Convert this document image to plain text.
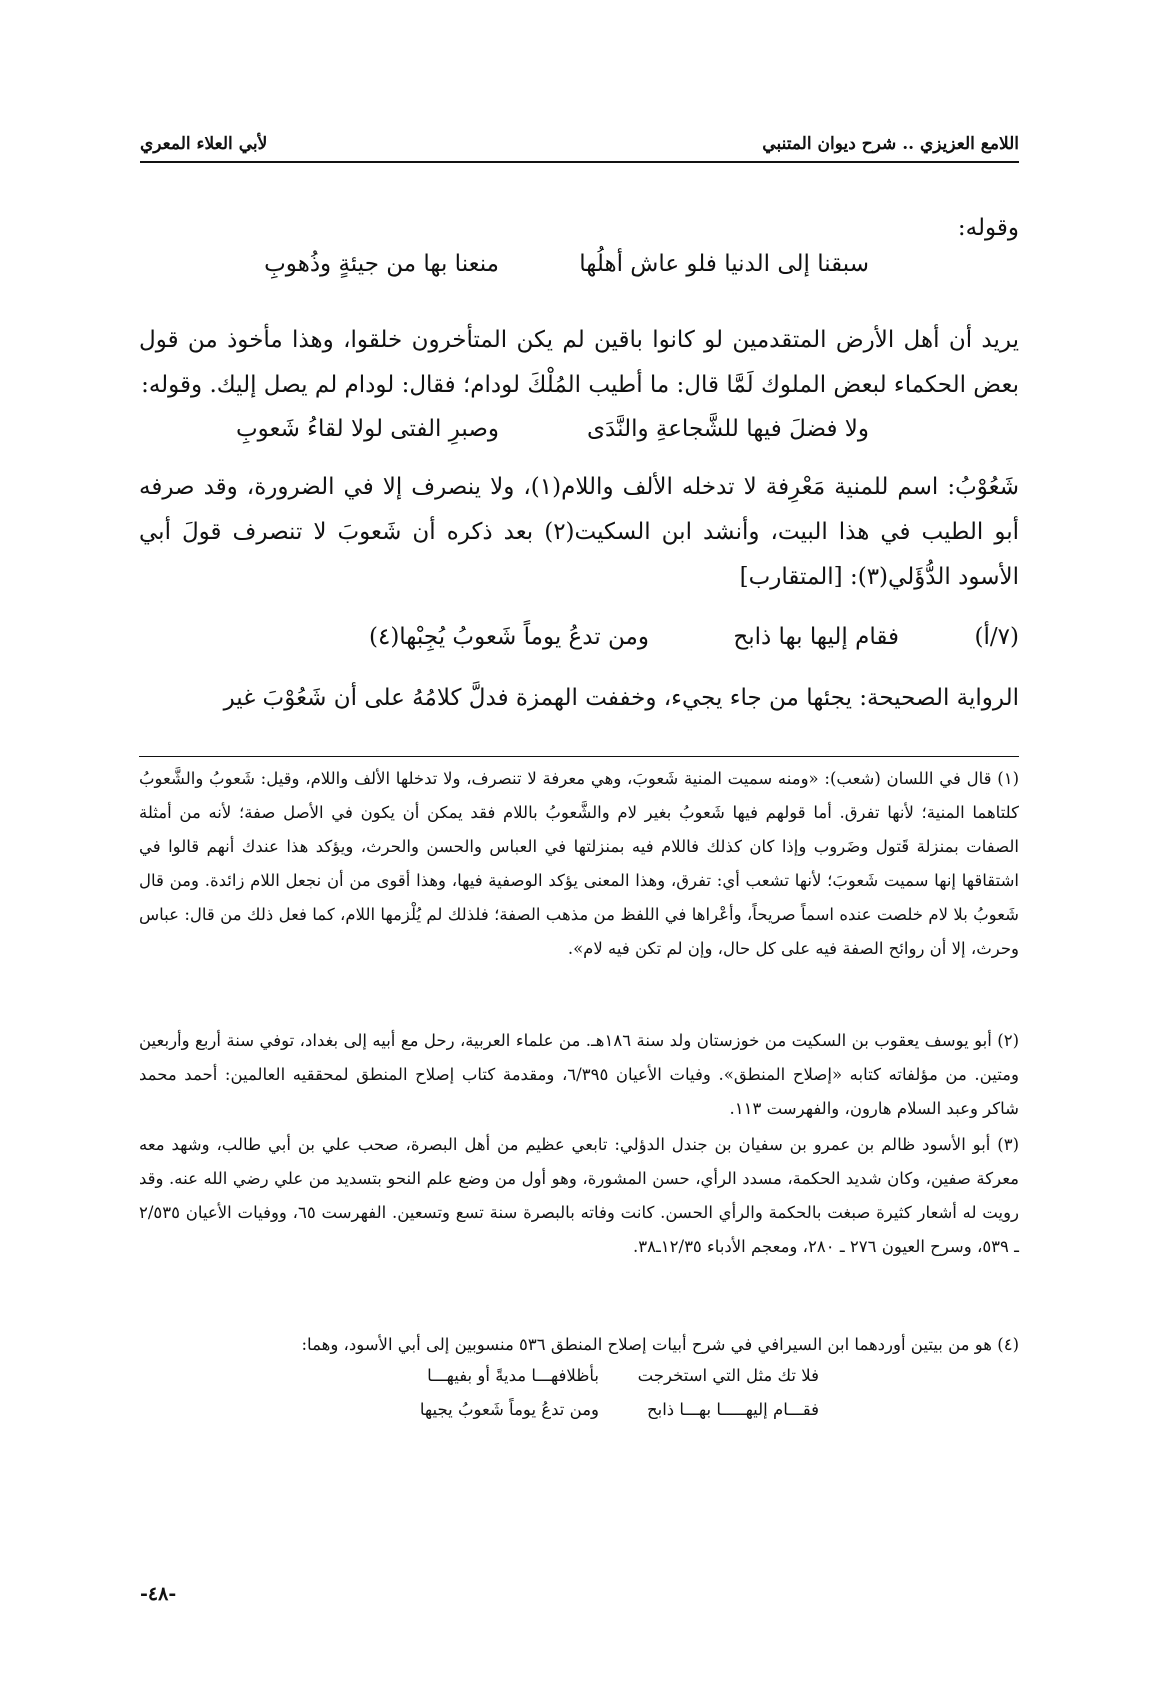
اللامع العزيزي .. شرح ديوان المتنبي
لأبي العلاء المعري
وقوله:
سبقنا إلى الدنيا فلو عاش أهلُها
منعنا بها من جيئةٍ وذُهوبِ
يريد أن أهل الأرض المتقدمين لو كانوا باقين لم يكن المتأخرون خلقوا، وهذا مأخوذ من قول بعض الحكماء لبعض الملوك لَمَّا قال: ما أطيب المُلْكَ لودام؛ فقال: لودام لم يصل إليك. وقوله:
ولا فضلَ فيها للشَّجاعةِ والنَّدَى
وصبرِ الفتى لولا لقاءُ شَعوبِ
شَعُوْبُ: اسم للمنية مَعْرِفة لا تدخله الألف واللام(١)، ولا ينصرف إلا في الضرورة، وقد صرفه أبو الطيب في هذا البيت، وأنشد ابن السكيت(٢) بعد ذكره أن شَعوبَ لا تنصرف قولَ أبي الأسود الدُّؤَلي(٣): [المتقارب]
(٧/أ)
فقام إليها بها ذابح
ومن تدعُ يوماً شَعوبُ يُجِبْها(٤)
الرواية الصحيحة: يجئها من جاء يجيء، وخففت الهمزة فدلَّ كلامُهُ على أن شَعُوْبَ غير
(١) قال في اللسان (شعب): «ومنه سميت المنية شَعوبَ، وهي معرفة لا تنصرف، ولا تدخلها الألف واللام، وقيل: شَعوبُ والشَّعوبُ كلتاهما المنية؛ لأنها تفرق. أما قولهم فيها شَعوبُ بغير لام والشَّعوبُ باللام فقد يمكن أن يكون في الأصل صفة؛ لأنه من أمثلة الصفات بمنزلة قَتول وضَروب وإذا كان كذلك فاللام فيه بمنزلتها في العباس والحسن والحرث، ويؤكد هذا عندك أنهم قالوا في اشتقاقها إنها سميت شَعوبَ؛ لأنها تشعب أي: تفرق، وهذا المعنى يؤكد الوصفية فيها، وهذا أقوى من أن نجعل اللام زائدة. ومن قال شَعوبُ بلا لام خلصت عنده اسماً صريحاً، وأعْراها في اللفظ من مذهب الصفة؛ فلذلك لم يُلْزمها اللام، كما فعل ذلك من قال: عباس وحرث، إلا أن روائح الصفة فيه على كل حال، وإن لم تكن فيه لام».
(٢) أبو يوسف يعقوب بن السكيت من خوزستان ولد سنة ١٨٦هـ. من علماء العربية، رحل مع أبيه إلى بغداد، توفي سنة أربع وأربعين ومتين. من مؤلفاته كتابه «إصلاح المنطق». وفيات الأعيان ٦/٣٩٥، ومقدمة كتاب إصلاح المنطق لمحققيه العالمين: أحمد محمد شاكر وعبد السلام هارون، والفهرست ١١٣.
(٣) أبو الأسود ظالم بن عمرو بن سفيان بن جندل الدؤلي: تابعي عظيم من أهل البصرة، صحب علي بن أبي طالب، وشهد معه معركة صفين، وكان شديد الحكمة، مسدد الرأي، حسن المشورة، وهو أول من وضع علم النحو بتسديد من علي رضي الله عنه. وقد رويت له أشعار كثيرة صبغت بالحكمة والرأي الحسن. كانت وفاته بالبصرة سنة تسع وتسعين. الفهرست ٦٥، ووفيات الأعيان ٢/٥٣٥ ـ ٥٣٩، وسرح العيون ٢٧٦ ـ ٢٨٠، ومعجم الأدباء ١٢/٣٥ـ٣٨.
(٤) هو من بيتين أوردهما ابن السيرافي في شرح أبيات إصلاح المنطق ٥٣٦ منسوبين إلى أبي الأسود، وهما:
فلا تك مثل التي استخرجت
بأظلافهـــا مديةً أو بفيهـــا
فقـــام إليهـــــا بهـــا ذابح
ومن تدعُ يوماً شَعوبُ يجيها
-٤٨-
